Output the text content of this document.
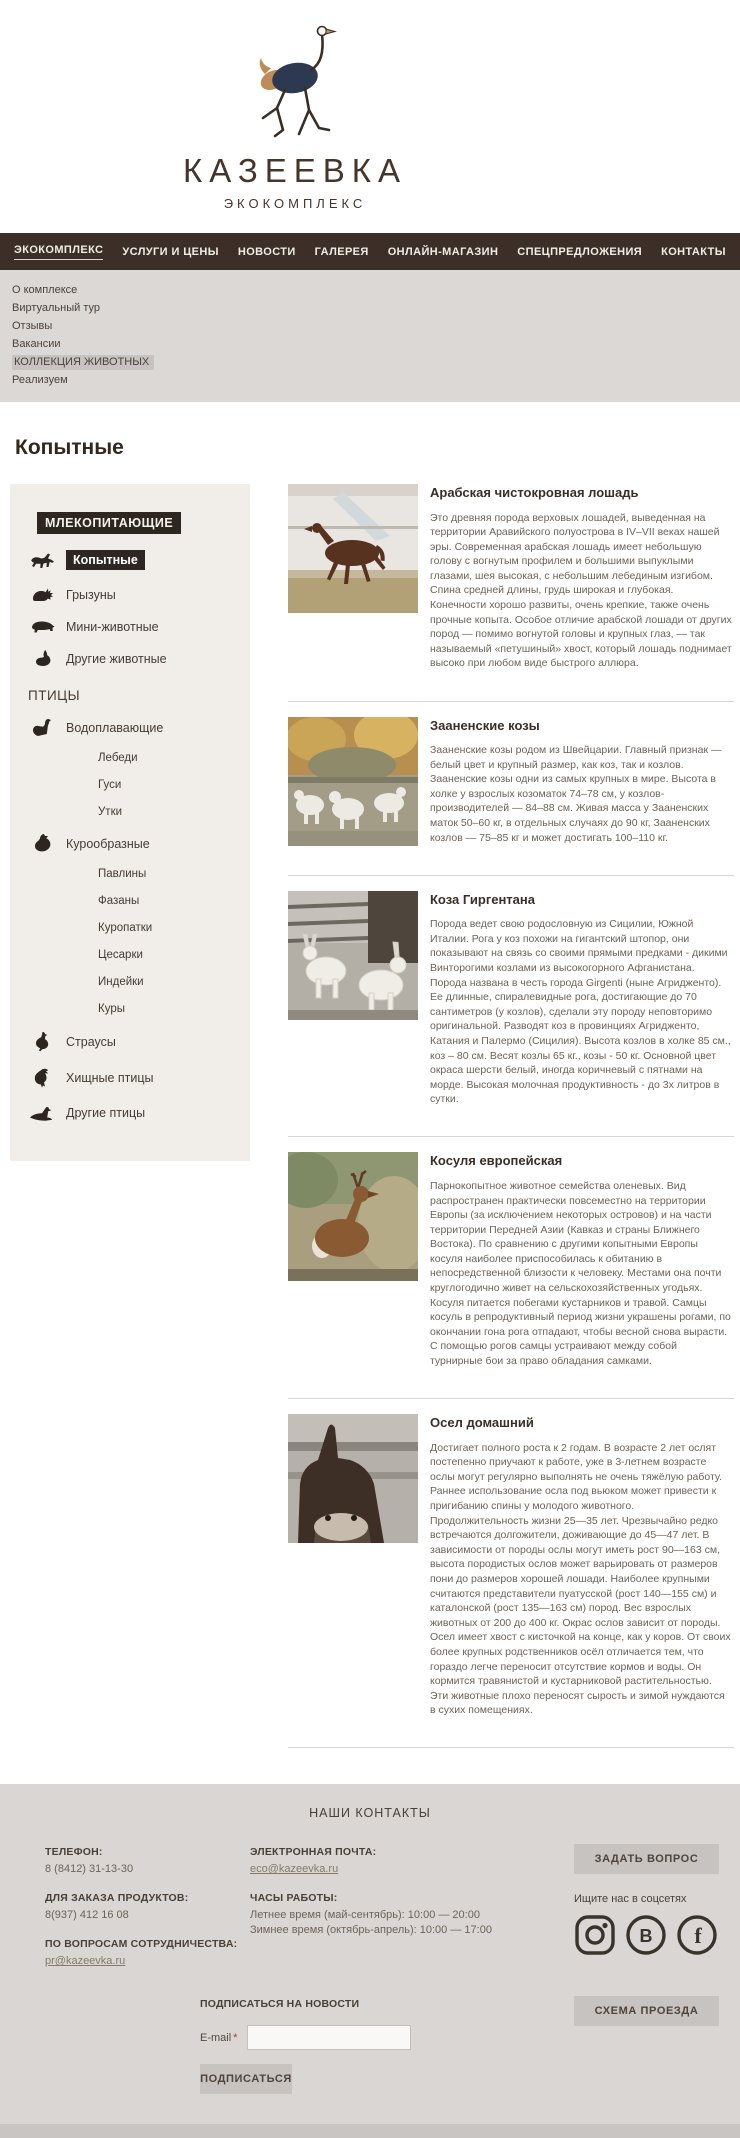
КАЗЕЕВКА
ЭКОКОМПЛЕКС
ЭКОКОМПЛЕКС УСЛУГИ И ЦЕНЫ НОВОСТИ ГАЛЕРЕЯ ОНЛАЙН-МАГАЗИН СПЕЦПРЕДЛОЖЕНИЯ КОНТАКТЫ
О комплексе
Виртуальный тур
Отзывы
Вакансии
КОЛЛЕКЦИЯ ЖИВОТНЫХ
Реализуем
Копытные
МЛЕКОПИТАЮЩИЕ
Копытные
Грызуны
Мини-животные
Другие животные
ПТИЦЫ
Водоплавающие
Лебеди
Гуси
Утки
Курообразные
Павлины
Фазаны
Куропатки
Цесарки
Индейки
Куры
Страусы
Хищные птицы
Другие птицы
Арабская чистокровная лошадь

Это древняя порода верховых лошадей, выведенная на территории Аравийского полуострова в IV–VII веках нашей эры. Современная арабская лошадь имеет небольшую голову с вогнутым профилем и большими выпуклыми глазами, шея высокая, с небольшим лебединым изгибом. Спина средней длины, грудь широкая и глубокая. Конечности хорошо развиты, очень крепкие, также очень прочные копыта. Особое отличие арабской лошади от других пород — помимо вогнутой головы и крупных глаз, — так называемый «петушиный» хвост, который лошадь поднимает высоко при любом виде быстрого аллюра.

Зааненские козы

Зааненские козы родом из Швейцарии. Главный признак — белый цвет и крупный размер, как коз, так и козлов. Зааненские козы одни из самых крупных в мире. Высота в холке у взрослых козоматок 74–78 см, у козлов-производителей — 84–88 см. Живая масса у Зааненских маток 50–60 кг, в отдельных случаях до 90 кг, Зааненских козлов — 75–85 кг и может достигать 100–110 кг.

Коза Гиргентана

Порода ведет свою родословную из Сицилии, Южной Италии. Рога у коз похожи на гигантский штопор, они показывают на связь со своими прямыми предками - дикими Винторогими козлами из высокогорного Афганистана. Порода названа в честь города Girgenti (ныне Агридженто). Ее длинные, спиралевидные рога, достигающие до 70 сантиметров (у козлов), сделали эту породу неповторимо оригинальной. Разводят коз в провинциях Агридженто, Катания и Палермо (Сицилия). Высота козлов в холке 85 см., коз – 80 см. Весят козлы 65 кг., козы - 50 кг. Основной цвет окраса шерсти белый, иногда коричневый с пятнами на морде. Высокая молочная продуктивность - до 3х литров в сутки.

Косуля европейская

Парнокопытное животное семейства оленевых. Вид распространен практически повсеместно на территории Европы (за исключением некоторых островов) и на части территории Передней Азии (Кавказ и страны Ближнего Востока). По сравнению с другими копытными Европы косуля наиболее приспособилась к обитанию в непосредственной близости к человеку. Местами она почти круглогодично живет на сельскохозяйственных угодьях. Косуля питается побегами кустарников и травой. Самцы косуль в репродуктивный период жизни украшены рогами, по окончании гона рога отпадают, чтобы весной снова вырасти. С помощью рогов самцы устраивают между собой турнирные бои за право обладания самками.

Осел домашний

Достигает полного роста к 2 годам. В возрасте 2 лет ослят постепенно приучают к работе, уже в 3-летнем возрасте ослы могут регулярно выполнять не очень тяжёлую работу. Раннее использование осла под вьюком может привести к пригибанию спины у молодого животного. Продолжительность жизни 25—35 лет. Чрезвычайно редко встречаются долгожители, доживающие до 45—47 лет. В зависимости от породы ослы могут иметь рост 90—163 см, высота породистых ослов может варьировать от размеров пони до размеров хорошей лошади. Наиболее крупными считаются представители пуатусской (рост 140—155 см) и каталонской (рост 135—163 см) пород. Вес взрослых животных от 200 до 400 кг. Окрас ослов зависит от породы. Осел имеет хвост с кисточкой на конце, как у коров. От своих более крупных родственников осёл отличается тем, что гораздо легче переносит отсутствие кормов и воды. Он кормится травянистой и кустарниковой растительностью. Эти животные плохо переносят сырость и зимой нуждаются в сухих помещениях.

НАШИ КОНТАКТЫ
ТЕЛЕФОН:
8 (8412) 31-13-30
ДЛЯ ЗАКАЗА ПРОДУКТОВ:
8(937) 412 16 08
ПО ВОПРОСАМ СОТРУДНИЧЕСТВА:
pr@kazeevka.ru
ЭЛЕКТРОННАЯ ПОЧТА:
eco@kazeevka.ru
ЧАСЫ РАБОТЫ:
Летнее время (май-сентябрь): 10:00 — 20:00
Зимнее время (октябрь-апрель): 10:00 — 17:00
ПОДПИСАТЬСЯ НА НОВОСТИ
E-mail *
ПОДПИСАТЬСЯ
ЗАДАТЬ ВОПРОС
Ищите нас в соцсетях
В f
СХЕМА ПРОЕЗДА
